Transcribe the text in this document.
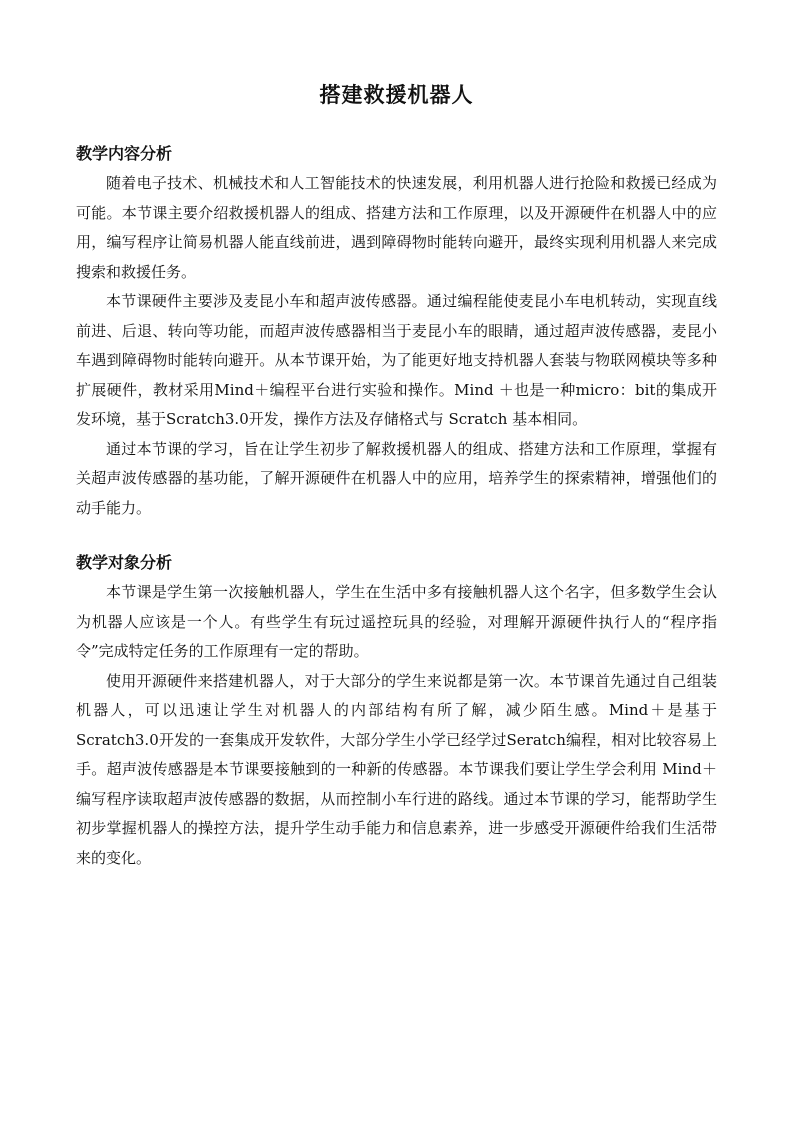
搭建救援机器人
教学内容分析

随着电子技术、机械技术和人工智能技术的快速发展，利用机器人进行抢险和救援已经成为可能。本节课主要介绍救援机器人的组成、搭建方法和工作原理，以及开源硬件在机器人中的应用，编写程序让简易机器人能直线前进，遇到障碍物时能转向避开，最终实现利用机器人来完成搜索和救援任务。

本节课硬件主要涉及麦昆小车和超声波传感器。通过编程能使麦昆小车电机转动，实现直线前进、后退、转向等功能，而超声波传感器相当于麦昆小车的眼睛，通过超声波传感器，麦昆小车遇到障碍物时能转向避开。从本节课开始，为了能更好地支持机器人套装与物联网模块等多种扩展硬件，教材采用Mind＋编程平台进行实验和操作。Mind ＋也是一种micro：bit的集成开发环境，基于Scratch3.0开发，操作方法及存储格式与 Scratch 基本相同。

通过本节课的学习，旨在让学生初步了解救援机器人的组成、搭建方法和工作原理，掌握有关超声波传感器的基功能，了解开源硬件在机器人中的应用，培养学生的探索精神，增强他们的动手能力。

教学对象分析

本节课是学生第一次接触机器人，学生在生活中多有接触机器人这个名字，但多数学生会认为机器人应该是一个人。有些学生有玩过遥控玩具的经验，对理解开源硬件执行人的“程序指令”完成特定任务的工作原理有一定的帮助。

使用开源硬件来搭建机器人，对于大部分的学生来说都是第一次。本节课首先通过自己组装机器人，可以迅速让学生对机器人的内部结构有所了解，减少陌生感。Mind＋是基于 Scratch3.0开发的一套集成开发软件，大部分学生小学已经学过Seratch编程，相对比较容易上手。超声波传感器是本节课要接触到的一种新的传感器。本节课我们要让学生学会利用 Mind＋编写程序读取超声波传感器的数据，从而控制小车行进的路线。通过本节课的学习，能帮助学生初步掌握机器人的操控方法，提升学生动手能力和信息素养，进一步感受开源硬件给我们生活带来的变化。
